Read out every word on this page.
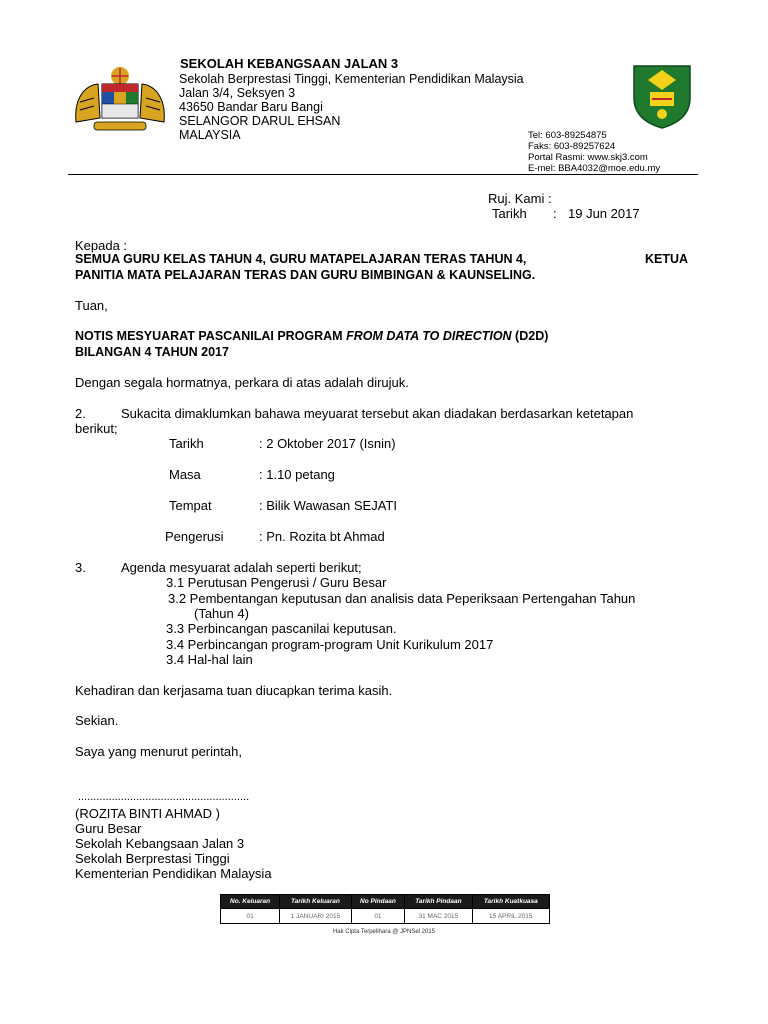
SEKOLAH KEBANGSAAN JALAN 3
Sekolah Berprestasi Tinggi, Kementerian Pendidikan Malaysia
Jalan 3/4, Seksyen 3
43650 Bandar Baru Bangi
SELANGOR DARUL EHSAN
MALAYSIA	Tel: 603-89254875
Faks: 603-89257624
Portal Rasmi: www.skj3.com
E-mel: BBA4032@moe.edu.my
Ruj. Kami :
Tarikh : 19 Jun 2017
Kepada :
SEMUA GURU KELAS TAHUN 4, GURU MATAPELAJARAN TERAS TAHUN 4,	KETUA
PANITIA MATA PELAJARAN TERAS DAN GURU BIMBINGAN & KAUNSELING.
Tuan,
NOTIS MESYUARAT PASCANILAI PROGRAM FROM DATA TO DIRECTION (D2D)
BILANGAN 4 TAHUN 2017
Dengan segala hormatnya, perkara di atas adalah dirujuk.
2.	Sukacita dimaklumkan bahawa meyuarat tersebut akan diadakan berdasarkan ketetapan
berikut;
Tarikh	: 2 Oktober 2017 (Isnin)
Masa	: 1.10 petang
Tempat	: Bilik Wawasan SEJATI
Pengerusi	: Pn. Rozita bt Ahmad
3.	Agenda mesyuarat adalah seperti berikut;
3.1 Perutusan Pengerusi / Guru Besar
3.2 Pembentangan keputusan dan analisis data Peperiksaan Pertengahan Tahun
(Tahun 4)
3.3 Perbincangan pascanilai keputusan.
3.4 Perbincangan program-program Unit Kurikulum 2017
3.4 Hal-hal lain
Kehadiran dan kerjasama tuan diucapkan terima kasih.
Sekian.
Saya yang menurut perintah,
........................................................
(ROZITA BINTI AHMAD )
Guru Besar
Sekolah Kebangsaan Jalan 3
Sekolah Berprestasi Tinggi
Kementerian Pendidikan Malaysia
No. Keluaran	Tarikh Keluaran	No Pindaan	Tarikh Pindaan	Tarikh Kuatkuasa
01	1 JANUARI 2015	01	31 MAC 2015	15 APRIL 2015
Hak Cipta Terpelihara @ JPNSel 2015
